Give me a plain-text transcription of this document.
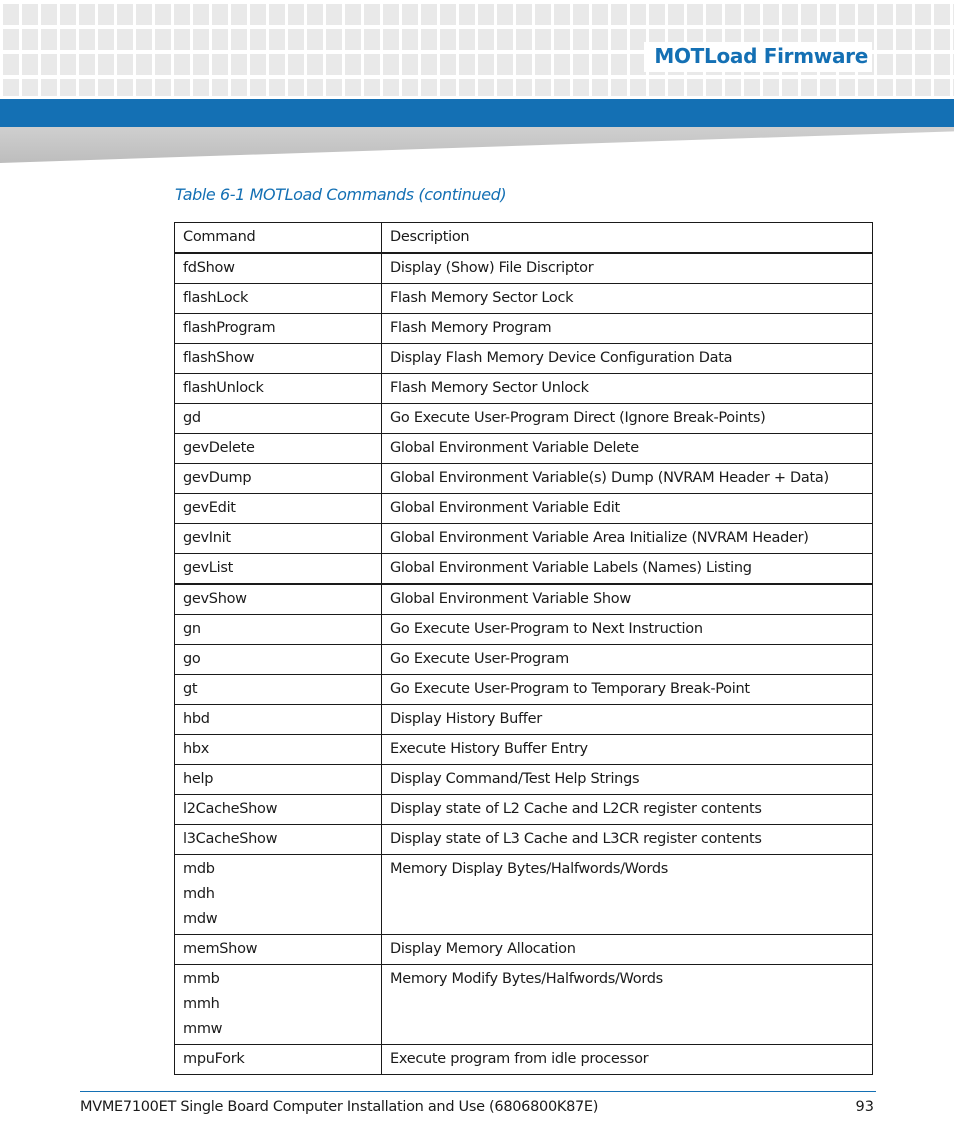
MOTLoad Firmware
Table 6-1 MOTLoad Commands (continued)
Command	Description
fdShow	Display (Show) File Discriptor
flashLock	Flash Memory Sector Lock
flashProgram	Flash Memory Program
flashShow	Display Flash Memory Device Configuration Data
flashUnlock	Flash Memory Sector Unlock
gd	Go Execute User-Program Direct (Ignore Break-Points)
gevDelete	Global Environment Variable Delete
gevDump	Global Environment Variable(s) Dump (NVRAM Header + Data)
gevEdit	Global Environment Variable Edit
gevInit	Global Environment Variable Area Initialize (NVRAM Header)
gevList	Global Environment Variable Labels (Names) Listing
gevShow	Global Environment Variable Show
gn	Go Execute User-Program to Next Instruction
go	Go Execute User-Program
gt	Go Execute User-Program to Temporary Break-Point
hbd	Display History Buffer
hbx	Execute History Buffer Entry
help	Display Command/Test Help Strings
l2CacheShow	Display state of L2 Cache and L2CR register contents
l3CacheShow	Display state of L3 Cache and L3CR register contents

mdb
mdh
mdw	Memory Display Bytes/Halfwords/Words
memShow	Display Memory Allocation

mmb
mmh
mmw	Memory Modify Bytes/Halfwords/Words
mpuFork	Execute program from idle processor
MVME7100ET Single Board Computer Installation and Use (6806800K87E)	93
